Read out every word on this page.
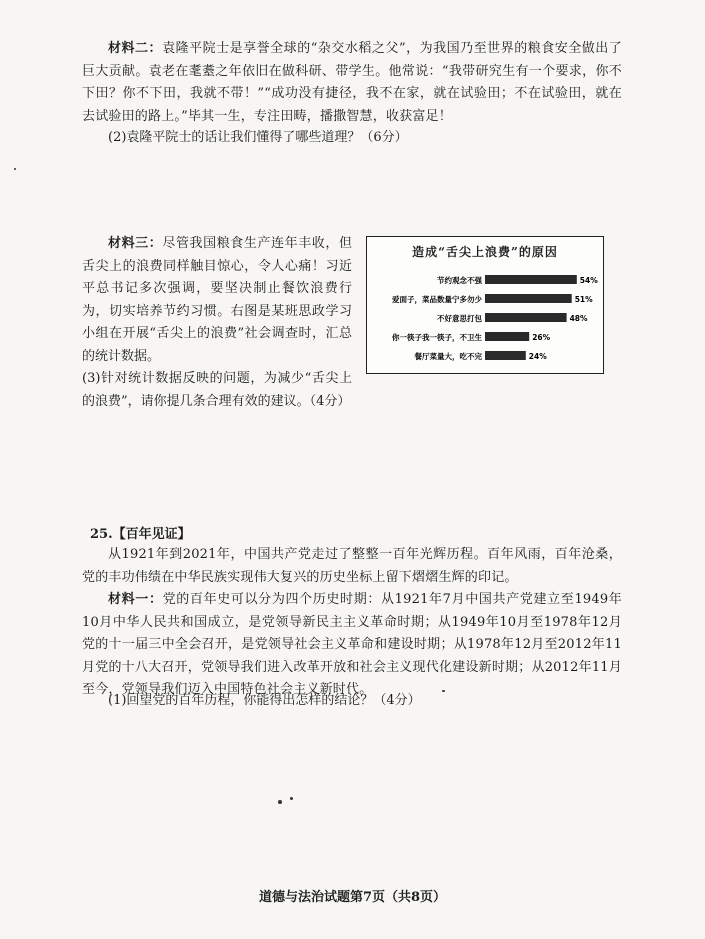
材料二：袁隆平院士是享誉全球的“杂交水稻之父”，为我国乃至世界的粮食安全做出了巨大贡献。袁老在耄耋之年依旧在做科研、带学生。他常说：“我带研究生有一个要求，你不下田？你不下田，我就不带！”“成功没有捷径，我不在家，就在试验田；不在试验田，就在去试验田的路上。”毕其一生，专注田畴，播撒智慧，收获富足！

(2)袁隆平院士的话让我们懂得了哪些道理？（6分）

材料三：尽管我国粮食生产连年丰收，但舌尖上的浪费同样触目惊心，令人心痛！习近平总书记多次强调，要坚决制止餐饮浪费行为，切实培养节约习惯。右图是某班思政学习小组在开展“舌尖上的浪费”社会调查时，汇总的统计数据。
(3)针对统计数据反映的问题，为减少“舌尖上的浪费”，请你提几条合理有效的建议。（4分）

造成“舌尖上浪费”的原因
节约观念不强	54%
爱面子，菜品数量宁多勿少	51%
不好意思打包	48%
你一筷子我一筷子，不卫生	26%
餐厅菜量大，吃不完	24%
25.【百年见证】

从1921年到2021年，中国共产党走过了整整一百年光辉历程。百年风雨，百年沧桑，党的丰功伟绩在中华民族实现伟大复兴的历史坐标上留下熠熠生辉的印记。

材料一：党的百年史可以分为四个历史时期：从1921年7月中国共产党建立至1949年10月中华人民共和国成立，是党领导新民主主义革命时期；从1949年10月至1978年12月党的十一届三中全会召开，是党领导社会主义革命和建设时期；从1978年12月至2012年11月党的十八大召开，党领导我们进入改革开放和社会主义现代化建设新时期；从2012年11月至今，党领导我们迈入中国特色社会主义新时代。

(1)回望党的百年历程，你能得出怎样的结论？（4分）
道德与法治试题第7页（共8页）
